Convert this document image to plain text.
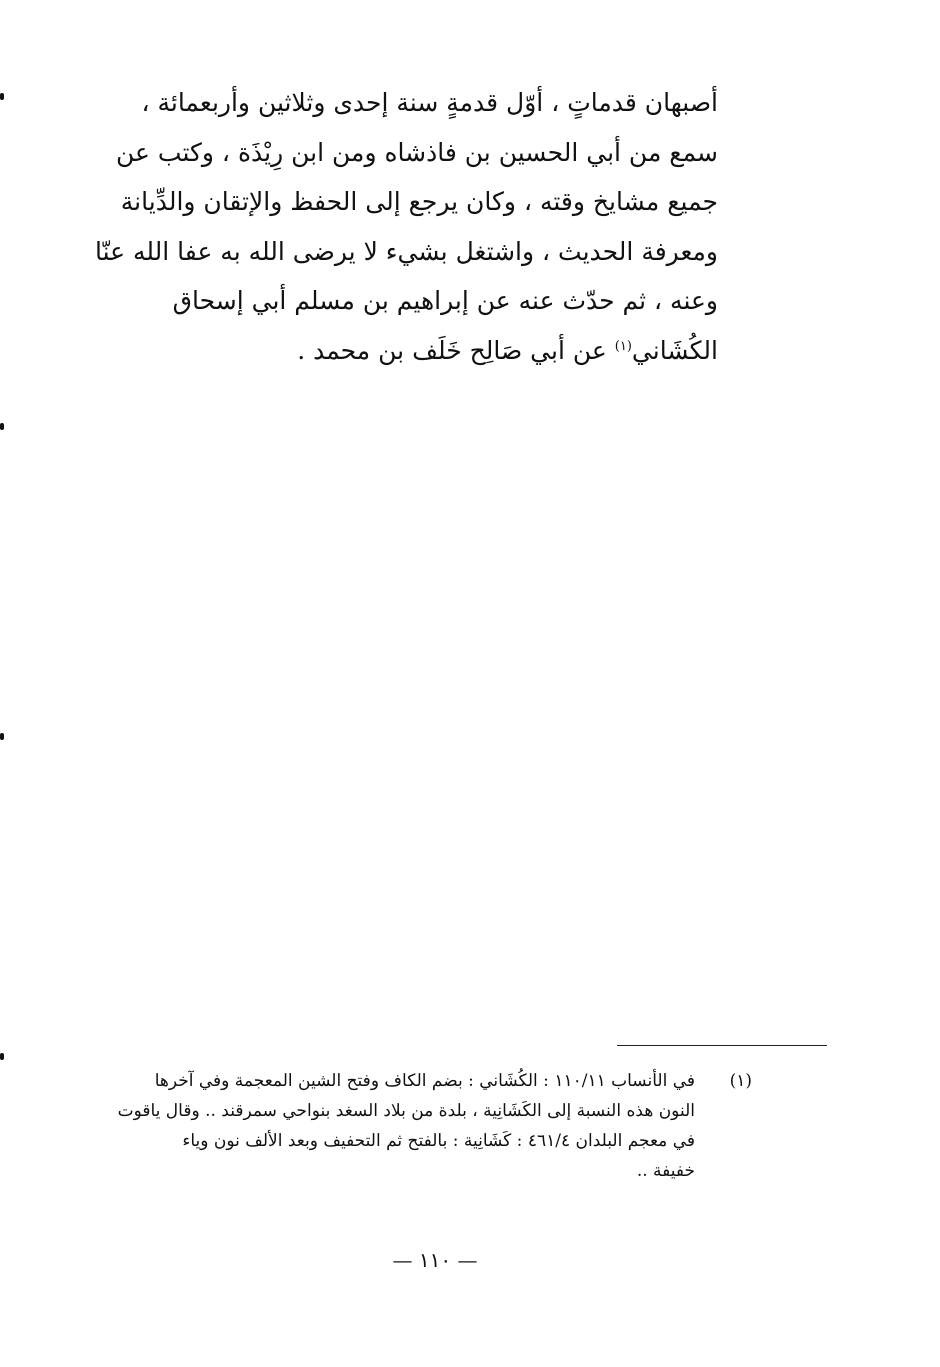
أصبهان قدماتٍ ، أوّل قدمةٍ سنة إحدى وثلاثين وأربعمائة ،
سمع من أبي الحسين بن فاذشاه ومن ابن رِيْذَة ، وكتب عن
جميع مشايخ وقته ، وكان يرجع إلى الحفظ والإتقان والدِّيانة
ومعرفة الحديث ، واشتغل بشيء لا يرضى الله به عفا الله عنّا
وعنه ، ثم حدّث عنه عن إبراهيم بن مسلم أبي إسحاق
الكُشَاني$^{(١)}$ عن أبي صَالِح خَلَف بن محمد .
(١)
في الأنساب ١١٠/١١ : الكُشَاني : بضم الكاف وفتح الشين المعجمة وفي آخرها
النون هذه النسبة إلى الكَشَانِية ، بلدة من بلاد السغد بنواحي سمرقند .. وقال ياقوت
في معجم البلدان ٤٦١/٤ : كَشَانِية : بالفتح ثم التحفيف وبعد الألف نون وياء
خفيفة ..
— ١١٠ —
